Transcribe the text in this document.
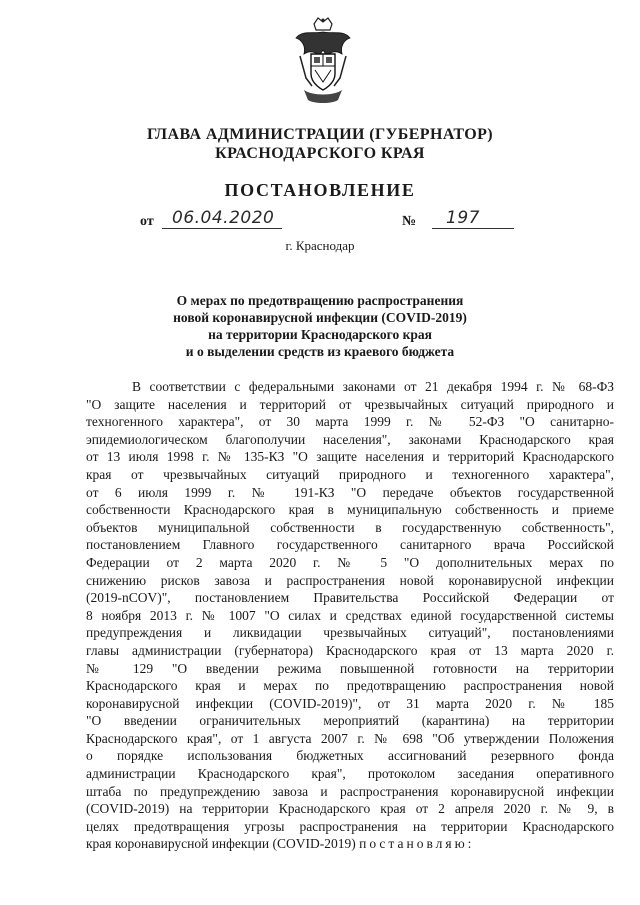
ГЛАВА АДМИНИСТРАЦИИ (ГУБЕРНАТОР)
КРАСНОДАРСКОГО КРАЯ
ПОСТАНОВЛЕНИЕ
от	06.04.2020	№	197
г. Краснодар
О мерах по предотвращению распространения
новой коронавирусной инфекции (COVID-2019)
на территории Краснодарского края
и о выделении средств из краевого бюджета
В соответствии с федеральными законами от 21 декабря 1994 г. № 68-ФЗ
"О защите населения и территорий от чрезвычайных ситуаций природного и
техногенного характера", от 30 марта 1999 г. № 52-ФЗ "О санитарно-
эпидемиологическом благополучии населения", законами Краснодарского края
от 13 июля 1998 г. № 135-КЗ "О защите населения и территорий Краснодарского
края от чрезвычайных ситуаций природного и техногенного характера",
от 6 июля 1999 г. № 191-КЗ "О передаче объектов государственной
собственности Краснодарского края в муниципальную собственность и приеме
объектов муниципальной собственности в государственную собственность",
постановлением Главного государственного санитарного врача Российской
Федерации от 2 марта 2020 г. № 5 "О дополнительных мерах по
снижению рисков завоза и распространения новой коронавирусной инфекции
(2019-nCOV)", постановлением Правительства Российской Федерации от
8 ноября 2013 г. № 1007 "О силах и средствах единой государственной системы
предупреждения и ликвидации чрезвычайных ситуаций", постановлениями
главы администрации (губернатора) Краснодарского края от 13 марта 2020 г.
№ 129 "О введении режима повышенной готовности на территории
Краснодарского края и мерах по предотвращению распространения новой
коронавирусной инфекции (COVID-2019)", от 31 марта 2020 г. № 185
"О введении ограничительных мероприятий (карантина) на территории
Краснодарского края", от 1 августа 2007 г. № 698 "Об утверждении Положения
о порядке использования бюджетных ассигнований резервного фонда
администрации Краснодарского края", протоколом заседания оперативного
штаба по предупреждению завоза и распространения коронавирусной инфекции
(COVID-2019) на территории Краснодарского края от 2 апреля 2020 г. № 9, в
целях предотвращения угрозы распространения на территории Краснодарского
края коронавирусной инфекции (COVID-2019) постановляю:
